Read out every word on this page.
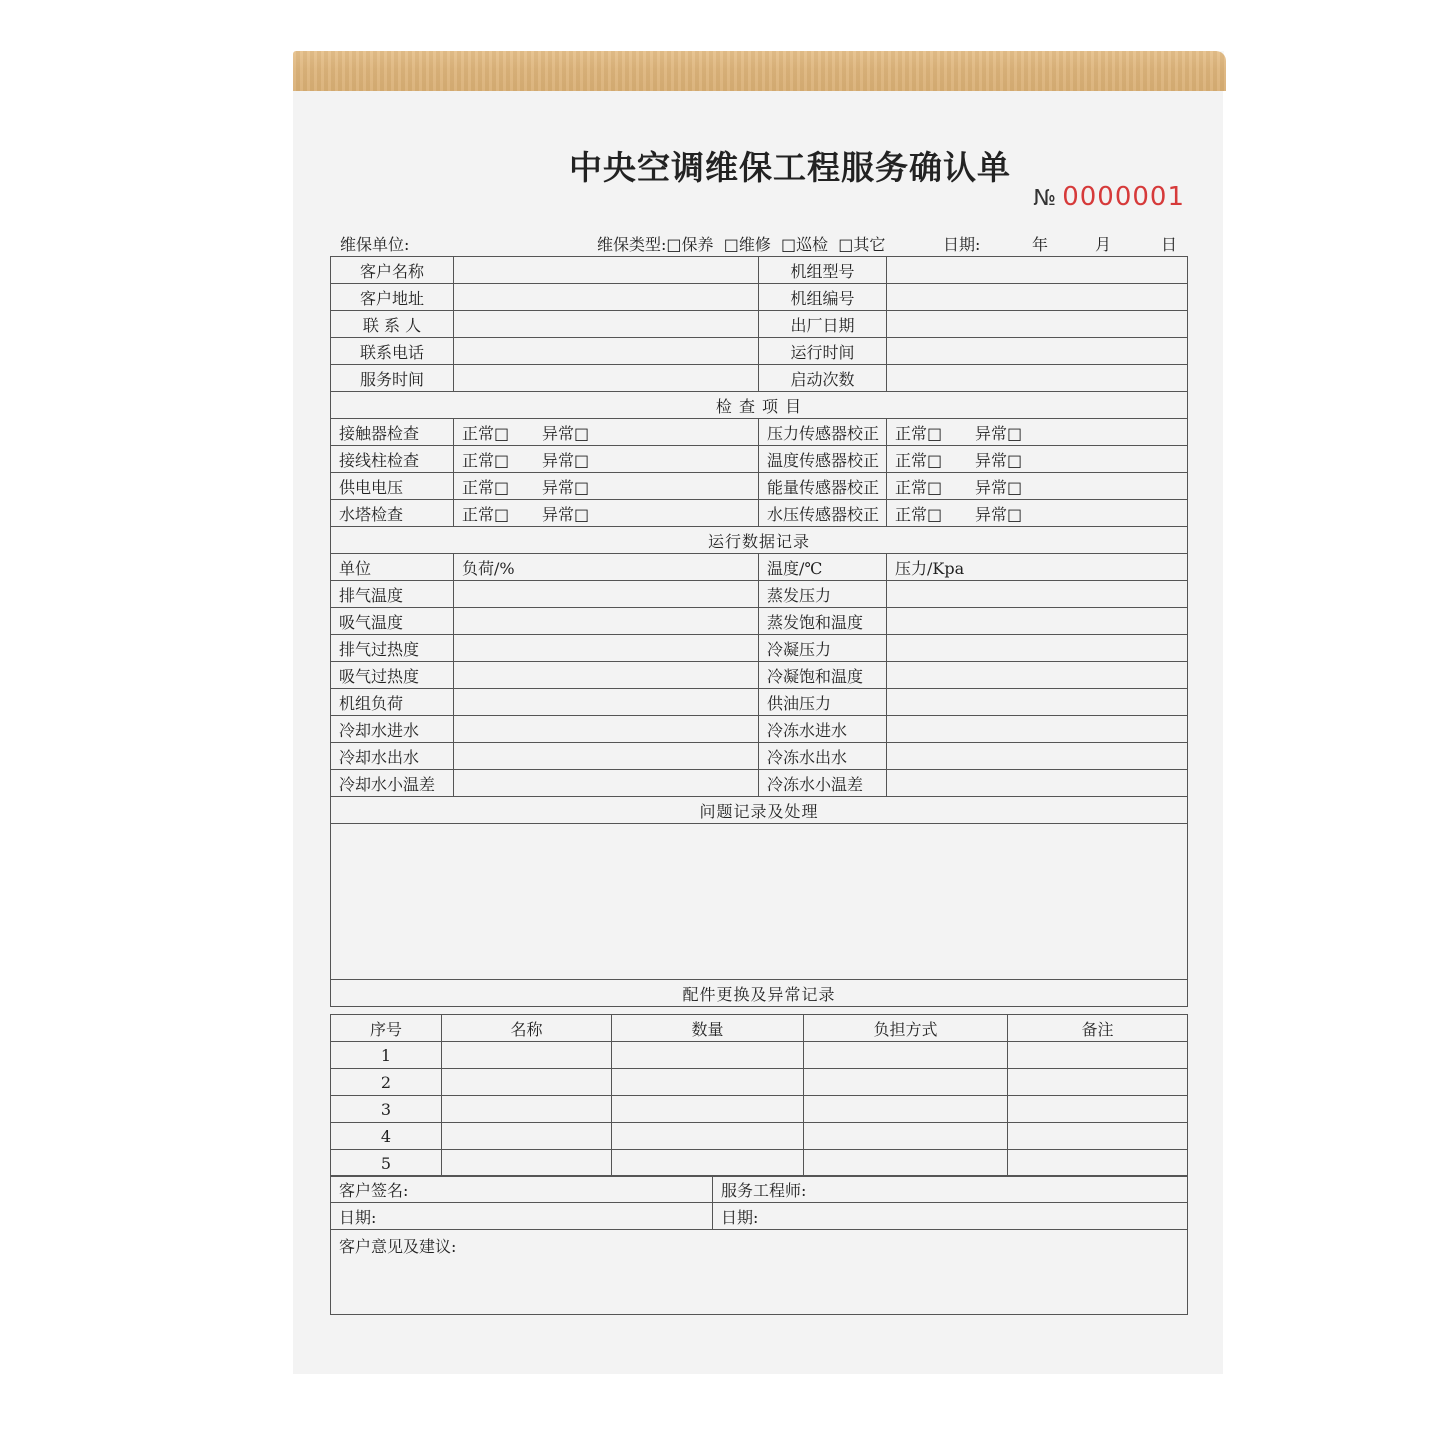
中央空调维保工程服务确认单
№ 0000001
维保单位:	维保类型:□保养 □维修 □巡检 □其它	日期:	年	月	日
客户名称		机组型号	
客户地址		机组编号	
联 系 人		出厂日期	
联系电话		运行时间	
服务时间		启动次数	
检 查 项 目			
接触器检查	正常□ 异常□	压力传感器校正	正常□ 异常□
接线柱检查	正常□ 异常□	温度传感器校正	正常□ 异常□
供电电压	正常□ 异常□	能量传感器校正	正常□ 异常□
水塔检查	正常□ 异常□	水压传感器校正	正常□ 异常□
运行数据记录			
单位	负荷/%	温度/℃	压力/Kpa
排气温度		蒸发压力	
吸气温度		蒸发饱和温度	
排气过热度		冷凝压力	
吸气过热度		冷凝饱和温度	
机组负荷		供油压力	
冷却水进水		冷冻水进水	
冷却水出水		冷冻水出水	
冷却水小温差		冷冻水小温差	
问题记录及处理			

配件更换及异常记录			
序号	名称	数量	负担方式	备注
1				
2				
3				
4				
5				
客户签名:	服务工程师:
日期:	日期:
客户意见及建议:	
